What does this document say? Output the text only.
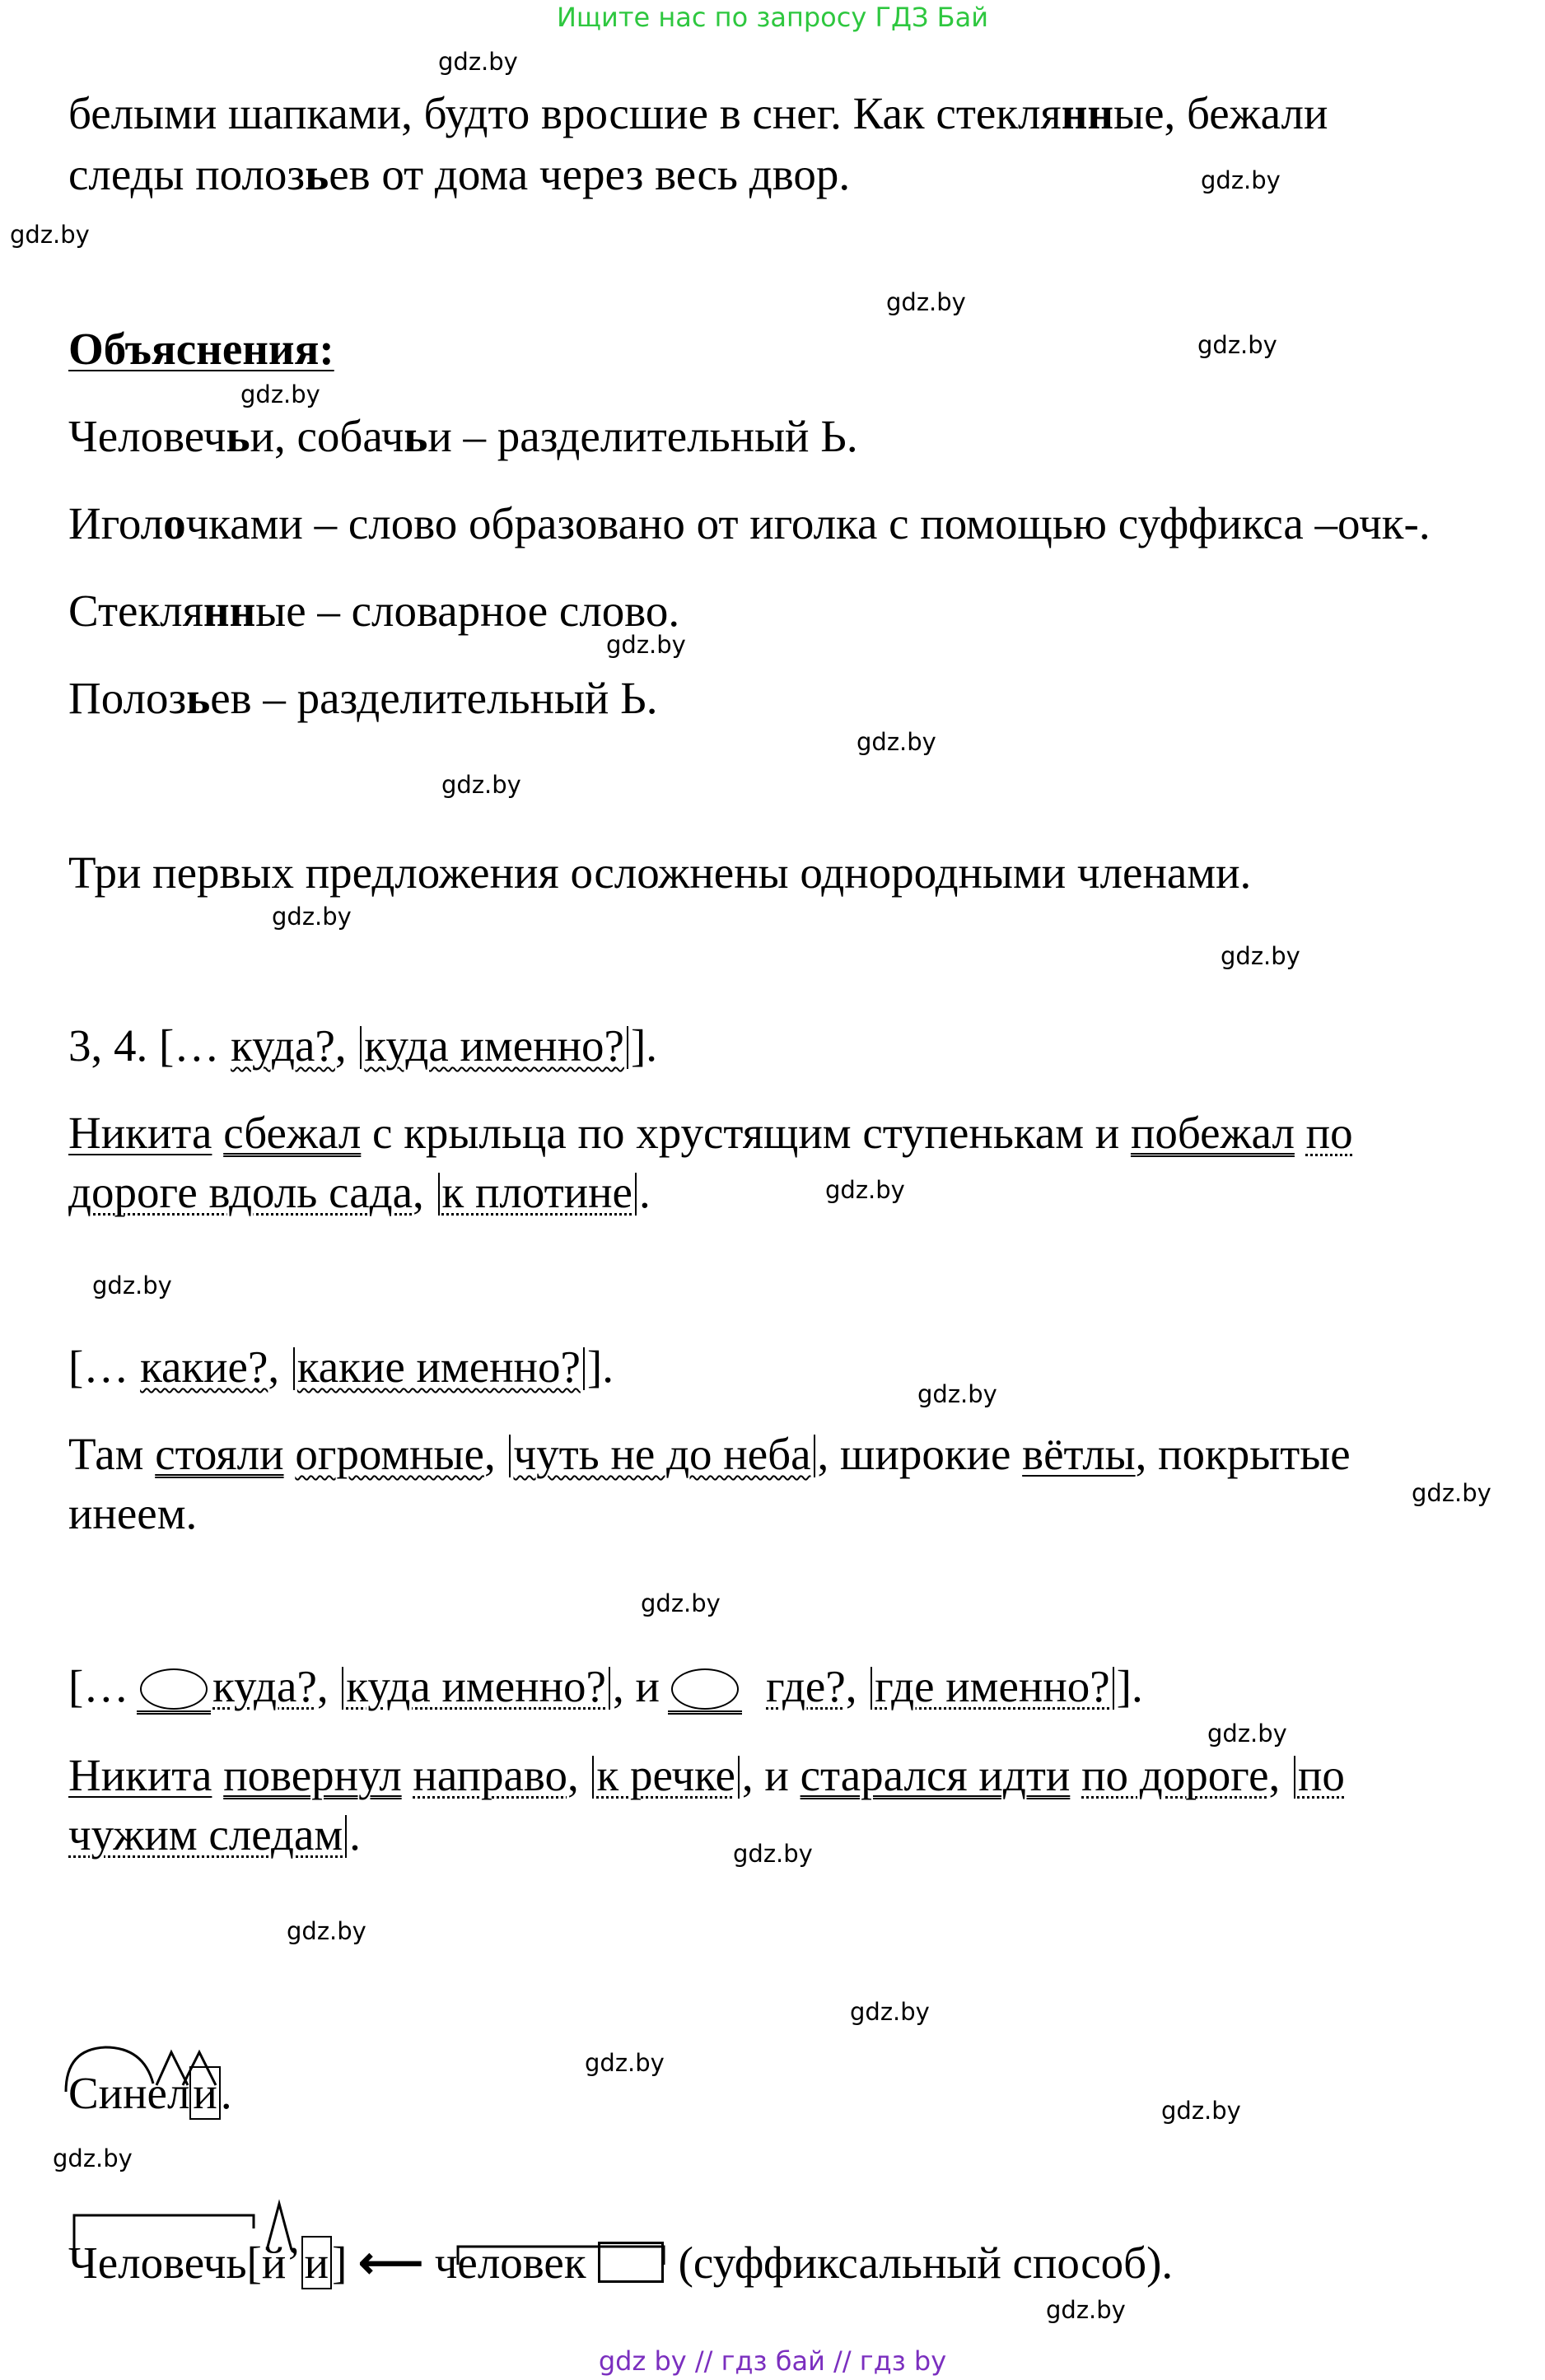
Ищите нас по запросу ГДЗ Бай
gdz.by
gdz.by
gdz.by
gdz.by
gdz.by
gdz.by
gdz.by
gdz.by
gdz.by
gdz.by
gdz.by
gdz.by
gdz.by
gdz.by
gdz.by
gdz.by
gdz.by
gdz.by
gdz.by
gdz.by
gdz.by
gdz.by
gdz.by
gdz.by
белыми шапками, будто вросшие в снег. Как стеклянные, бежали
следы полозьев от дома через весь двор.
Объяснения:
Человечьи, собачьи – разделительный Ь.
Иголочками – слово образовано от иголка с помощью суффикса –очк-.
Стеклянные – словарное слово.
Полозьев – разделительный Ь.
Три первых предложения осложнены однородными членами.
3, 4. [… куда?, куда именно? ].
Никита сбежал с крыльца по хрустящим ступенькам и побежал по
дороге вдоль сада, к плотине .
[… какие?, какие именно? ].
Там стояли огромные, чуть не до неба , широкие вётлы, покрытые
инеем.
[… куда?, куда именно? , и   где?, где именно? ].
Никита повернул направо, к речке , и старался идти по дороге, по
чужим следам .
Синели.
Человечь[й’и] ⟵ человек (суффиксальный способ).
gdz by // гдз бай // гдз by
